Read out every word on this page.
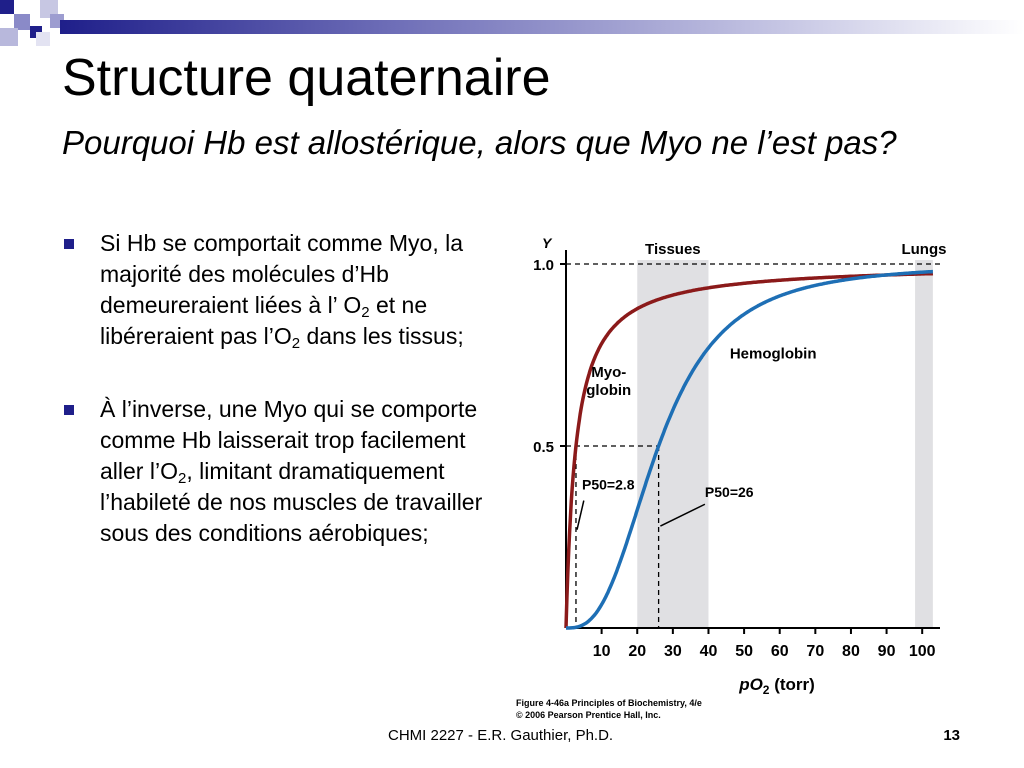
Structure quaternaire

Pourquoi Hb est allostérique, alors que Myo ne l’est pas?

Si Hb se comportait comme Myo, la majorité des molécules d’Hb demeureraient liées à l’ $O_2$ et ne libéreraient pas $l’O_2$ dans les tissus;
À l’inverse, une Myo qui se comporte comme Hb laisserait trop facilement aller $l’O_2$, limitant dramatiquement l’habileté de nos muscles de travailler sous des conditions aérobiques;
Tissues	Lungs
Y
0.5
1.0
10 20 30 40 50 60 70 80 90 100
$pO_2$ (torr)
Myo-
globin
Hemoglobin
P50=2.8	P50=26
Figure 4-46a Principles of Biochemistry, 4/e
© 2006 Pearson Prentice Hall, Inc.
CHMI 2227 - E.R. Gauthier, Ph.D.	13
